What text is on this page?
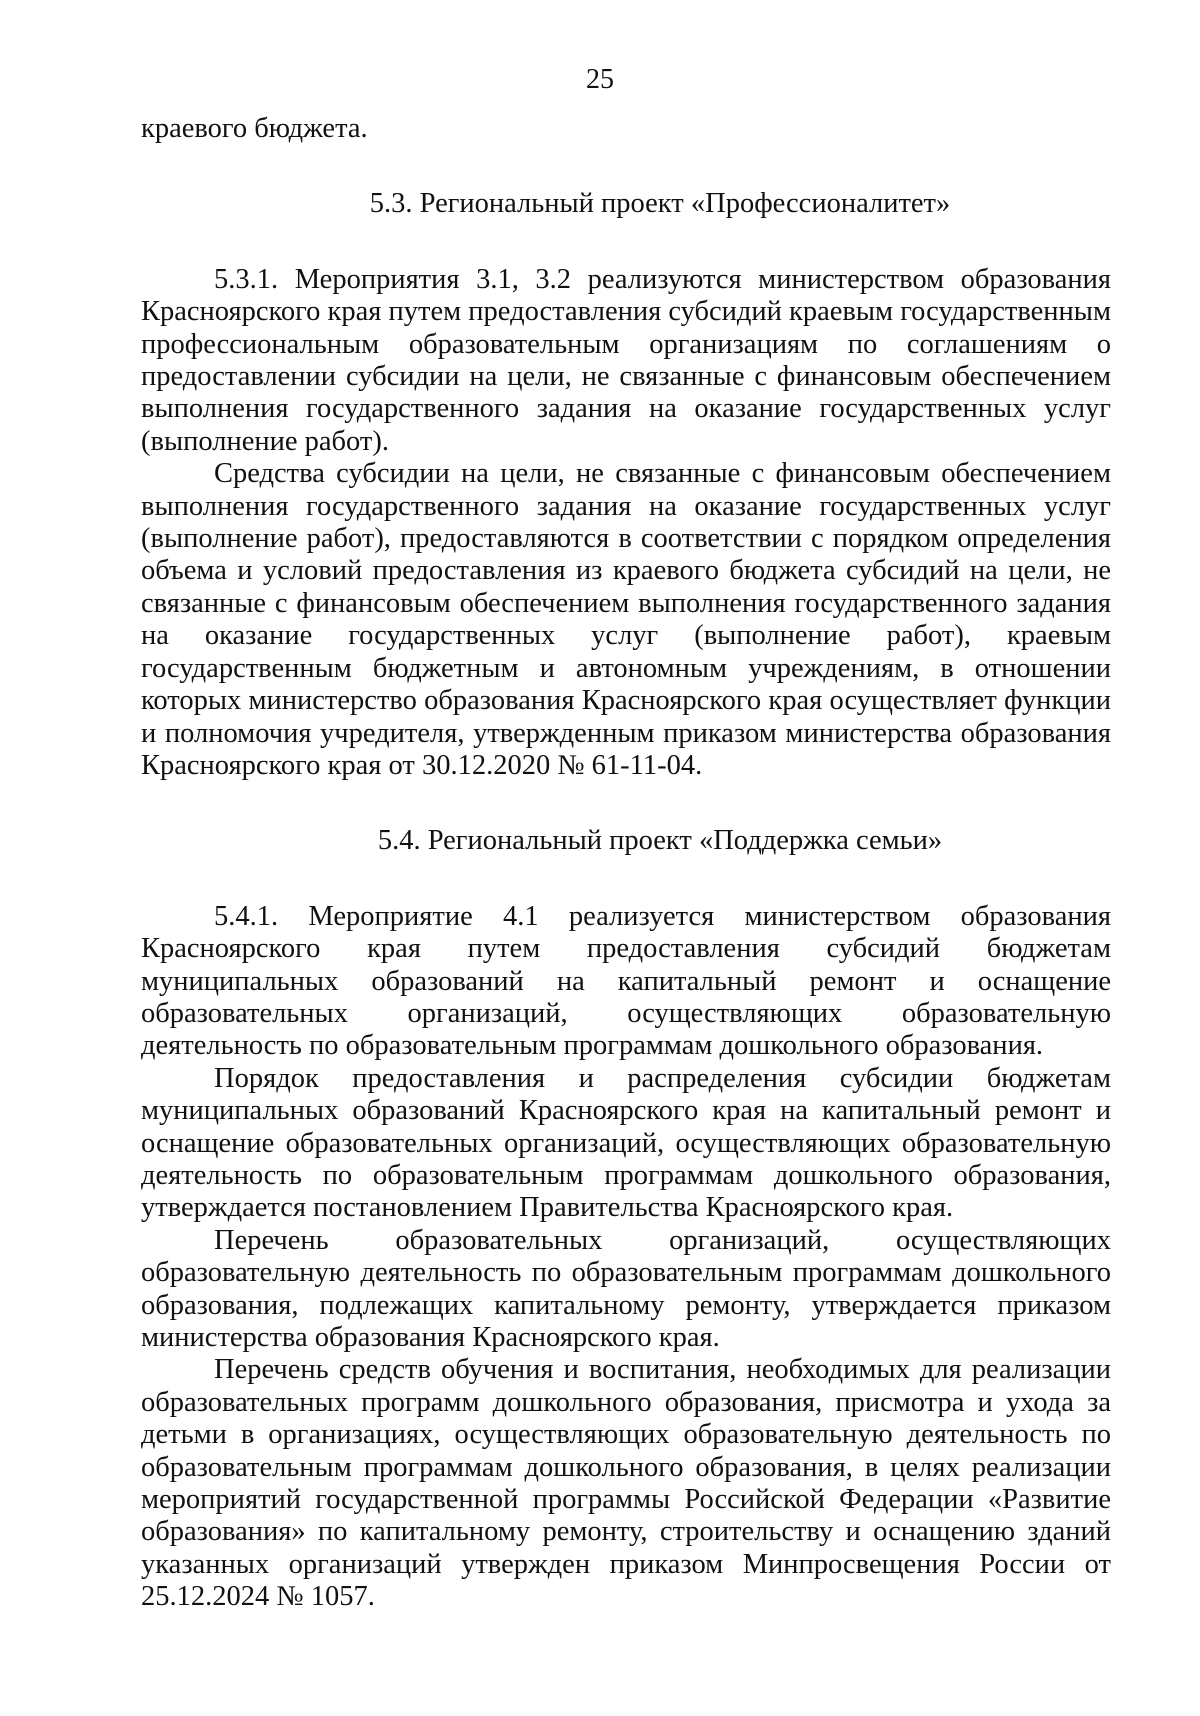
25

краевого бюджета.

5.3. Региональный проект «Профессионалитет»

5.3.1. Мероприятия 3.1, 3.2 реализуются министерством образования Красноярского края путем предоставления субсидий краевым государственным профессиональным образовательным организациям по соглашениям о предоставлении субсидии на цели, не связанные с финансовым обеспечением выполнения государственного задания на оказание государственных услуг (выполнение работ).

Средства субсидии на цели, не связанные с финансовым обеспечением выполнения государственного задания на оказание государственных услуг (выполнение работ), предоставляются в соответствии с порядком определения объема и условий предоставления из краевого бюджета субсидий на цели, не связанные с финансовым обеспечением выполнения государственного задания на оказание государственных услуг (выполнение работ), краевым государственным бюджетным и автономным учреждениям, в отношении которых министерство образования Красноярского края осуществляет функции и полномочия учредителя, утвержденным приказом министерства образования Красноярского края от 30.12.2020 № 61-11-04.

5.4. Региональный проект «Поддержка семьи»

5.4.1. Мероприятие 4.1 реализуется министерством образования Красноярского края путем предоставления субсидий бюджетам муниципальных образований на капитальный ремонт и оснащение образовательных организаций, осуществляющих образовательную деятельность по образовательным программам дошкольного образования.

Порядок предоставления и распределения субсидии бюджетам муниципальных образований Красноярского края на капитальный ремонт и оснащение образовательных организаций, осуществляющих образовательную деятельность по образовательным программам дошкольного образования, утверждается постановлением Правительства Красноярского края.

Перечень образовательных организаций, осуществляющих образовательную деятельность по образовательным программам дошкольного образования, подлежащих капитальному ремонту, утверждается приказом министерства образования Красноярского края.

Перечень средств обучения и воспитания, необходимых для реализации образовательных программ дошкольного образования, присмотра и ухода за детьми в организациях, осуществляющих образовательную деятельность по образовательным программам дошкольного образования, в целях реализации мероприятий государственной программы Российской Федерации «Развитие образования» по капитальному ремонту, строительству и оснащению зданий указанных организаций утвержден приказом Минпросвещения России от 25.12.2024 № 1057.
